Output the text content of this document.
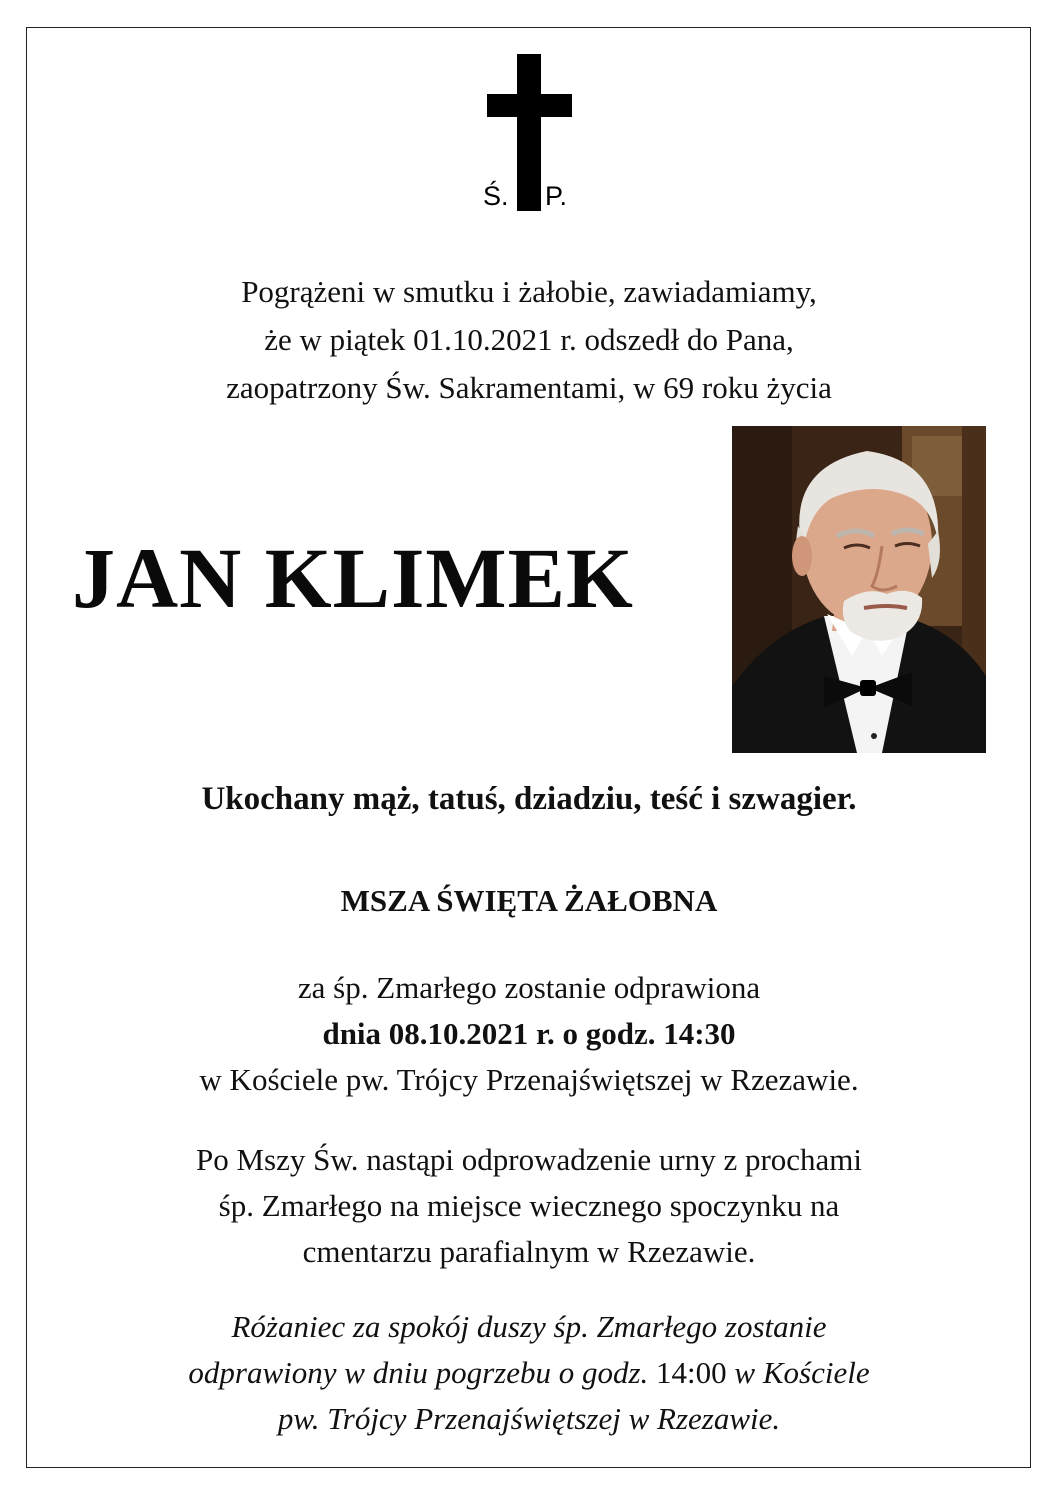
Ś. P.

Pogrążeni w smutku i żałobie, zawiadamiamy,
że w piątek 01.10.2021 r. odszedł do Pana,
zaopatrzony Św. Sakramentami, w 69 roku życia

JAN KLIMEK

Ukochany mąż, tatuś, dziadziu, teść i szwagier.

MSZA ŚWIĘTA ŻAŁOBNA

za śp. Zmarłego zostanie odprawiona
dnia 08.10.2021 r. o godz. 14:30
w Kościele pw. Trójcy Przenajświętszej w Rzezawie.

Po Mszy Św. nastąpi odprowadzenie urny z prochami
śp. Zmarłego na miejsce wiecznego spoczynku na
cmentarzu parafialnym w Rzezawie.

Różaniec za spokój duszy śp. Zmarłego zostanie
odprawiony w dniu pogrzebu o godz. 14:00 w Kościele
pw. Trójcy Przenajświętszej w Rzezawie.
